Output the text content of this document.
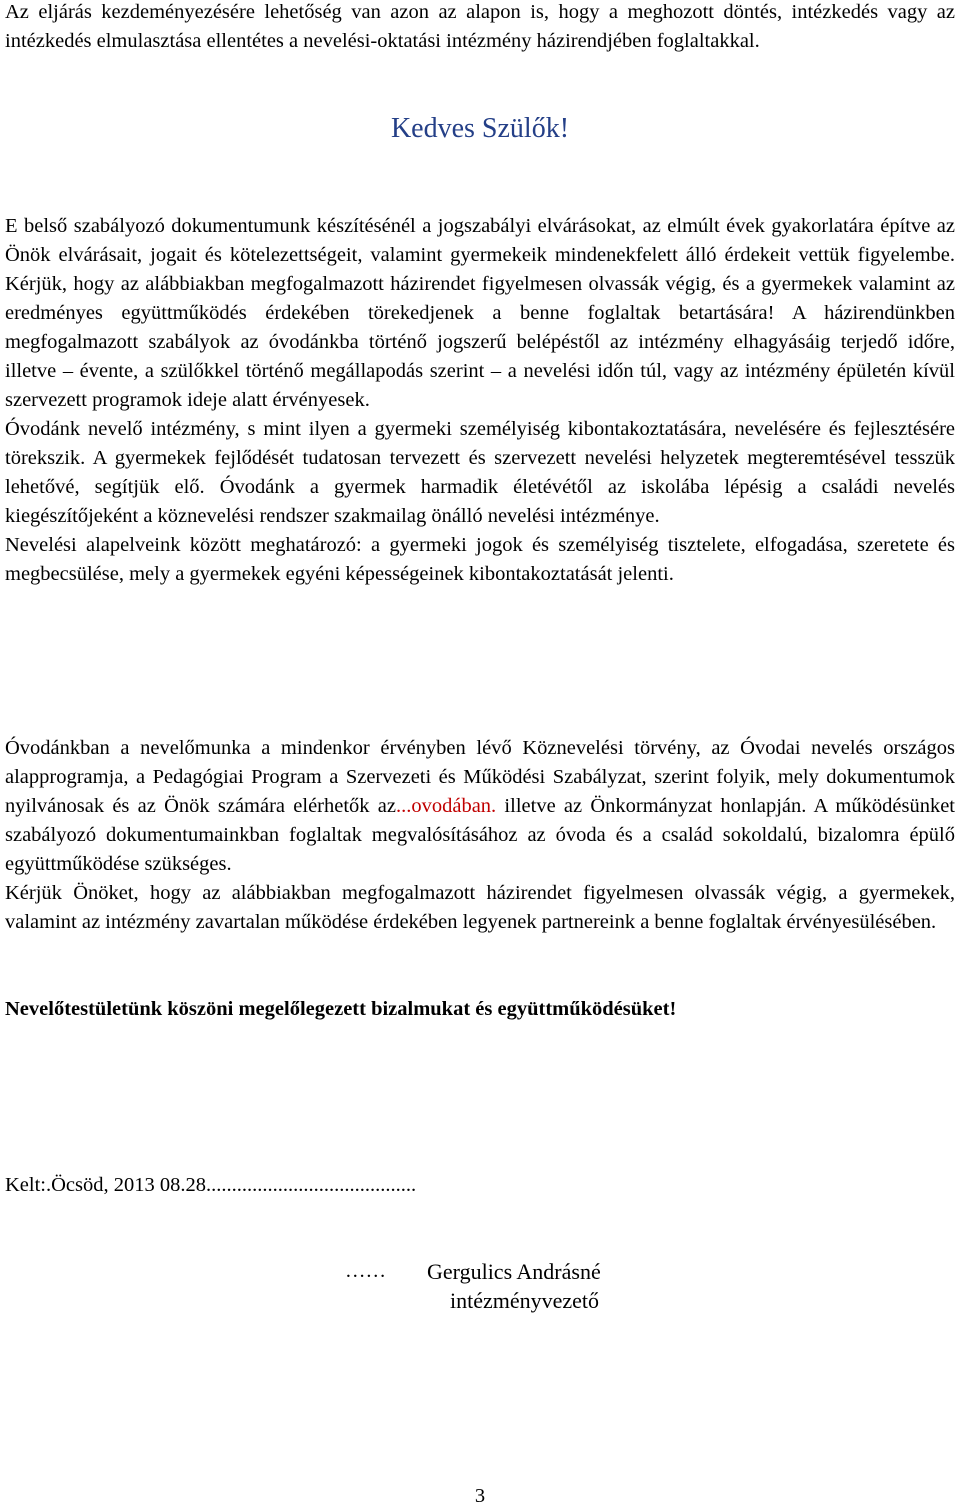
Az eljárás kezdeményezésére lehetőség van azon az alapon is, hogy a meghozott döntés, intézkedés vagy az intézkedés elmulasztása ellentétes a nevelési-oktatási intézmény házirendjében foglaltakkal.

Kedves Szülők!

E belső szabályozó dokumentumunk készítésénél a jogszabályi elvárásokat, az elmúlt évek gyakorlatára építve az Önök elvárásait, jogait és kötelezettségeit, valamint gyermekeik mindenekfelett álló érdekeit vettük figyelembe. Kérjük, hogy az alábbiakban megfogalmazott házirendet figyelmesen olvassák végig, és a gyermekek valamint az eredményes együttműködés érdekében törekedjenek a benne foglaltak betartására! A házirendünkben megfogalmazott szabályok az óvodánkba történő jogszerű belépéstől az intézmény elhagyásáig terjedő időre, illetve – évente, a szülőkkel történő megállapodás szerint – a nevelési időn túl, vagy az intézmény épületén kívül szervezett programok ideje alatt érvényesek.

Óvodánk nevelő intézmény, s mint ilyen a gyermeki személyiség kibontakoztatására, nevelésére és fejlesztésére törekszik. A gyermekek fejlődését tudatosan tervezett és szervezett nevelési helyzetek megteremtésével tesszük lehetővé, segítjük elő. Óvodánk a gyermek harmadik életévétől az iskolába lépésig a családi nevelés kiegészítőjeként a köznevelési rendszer szakmailag önálló nevelési intézménye.

Nevelési alapelveink között meghatározó: a gyermeki jogok és személyiség tisztelete, elfogadása, szeretete és megbecsülése, mely a gyermekek egyéni képességeinek kibontakoztatását jelenti.

Óvodánkban a nevelőmunka a mindenkor érvényben lévő Köznevelési törvény, az Óvodai nevelés országos alapprogramja, a Pedagógiai Program a Szervezeti és Működési Szabályzat, szerint folyik, mely dokumentumok nyilvánosak és az Önök számára elérhetők az...ovodában. illetve az Önkormányzat honlapján. A működésünket szabályozó dokumentumainkban foglaltak megvalósításához az óvoda és a család sokoldalú, bizalomra épülő együttműködése szükséges.

Kérjük Önöket, hogy az alábbiakban megfogalmazott házirendet figyelmesen olvassák végig, a gyermekek, valamint az intézmény zavartalan működése érdekében legyenek partnereink a benne foglaltak érvényesülésében.

Nevelőtestületünk köszöni megelőlegezett bizalmukat és együttműködésüket!

Kelt:.Öcsöd, 2013 08.28.........................................

…… Gergulics Andrásné

intézményvezető

3
